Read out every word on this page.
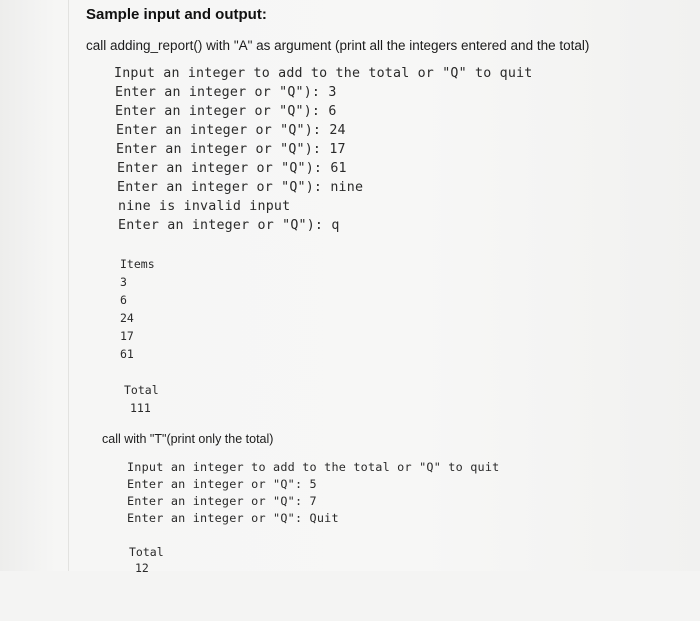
Sample input and output:
call adding_report() with "A" as argument (print all the integers entered and the total)

Input an integer to add to the total or "Q" to quit

Enter an integer or "Q"): 3

Enter an integer or "Q"): 6

Enter an integer or "Q"): 24

Enter an integer or "Q"): 17

Enter an integer or "Q"): 61

Enter an integer or "Q"): nine

nine is invalid input

Enter an integer or "Q"): q

Items

3

6

24

17

61

Total

111

call with "T"(print only the total)

Input an integer to add to the total or "Q" to quit

Enter an integer or "Q": 5

Enter an integer or "Q": 7

Enter an integer or "Q": Quit

Total

12
